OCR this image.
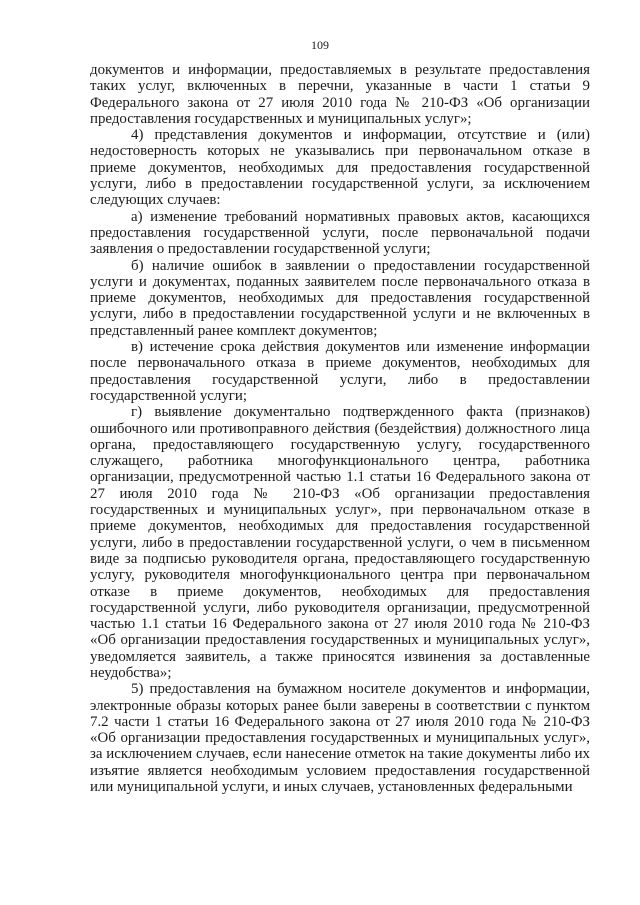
109

документов и информации, предоставляемых в результате предоставления таких услуг, включенных в перечни, указанные в части 1 статьи 9 Федерального закона от 27 июля 2010 года № 210-ФЗ «Об организации предоставления государственных и муниципальных услуг»;

4) представления документов и информации, отсутствие и (или) недостоверность которых не указывались при первоначальном отказе в приеме документов, необходимых для предоставления государственной услуги, либо в предоставлении государственной услуги, за исключением следующих случаев:

а) изменение требований нормативных правовых актов, касающихся предоставления государственной услуги, после первоначальной подачи заявления о предоставлении государственной услуги;

б) наличие ошибок в заявлении о предоставлении государственной услуги и документах, поданных заявителем после первоначального отказа в приеме документов, необходимых для предоставления государственной услуги, либо в предоставлении государственной услуги и не включенных в представленный ранее комплект документов;

в) истечение срока действия документов или изменение информации после первоначального отказа в приеме документов, необходимых для предоставления государственной услуги, либо в предоставлении государственной услуги;

г) выявление документально подтвержденного факта (признаков) ошибочного или противоправного действия (бездействия) должностного лица органа, предоставляющего государственную услугу, государственного служащего, работника многофункционального центра, работника организации, предусмотренной частью 1.1 статьи 16 Федерального закона от 27 июля 2010 года № 210-ФЗ «Об организации предоставления государственных и муниципальных услуг», при первоначальном отказе в приеме документов, необходимых для предоставления государственной услуги, либо в предоставлении государственной услуги, о чем в письменном виде за подписью руководителя органа, предоставляющего государственную услугу, руководителя многофункционального центра при первоначальном отказе в приеме документов, необходимых для предоставления государственной услуги, либо руководителя организации, предусмотренной частью 1.1 статьи 16 Федерального закона от 27 июля 2010 года № 210-ФЗ «Об организации предоставления государственных и муниципальных услуг», уведомляется заявитель, а также приносятся извинения за доставленные неудобства»;

5) предоставления на бумажном носителе документов и информации, электронные образы которых ранее были заверены в соответствии с пунктом 7.2 части 1 статьи 16 Федерального закона от 27 июля 2010 года № 210-ФЗ «Об организации предоставления государственных и муниципальных услуг», за исключением случаев, если нанесение отметок на такие документы либо их изъятие является необходимым условием предоставления государственной или муниципальной услуги, и иных случаев, установленных федеральными
